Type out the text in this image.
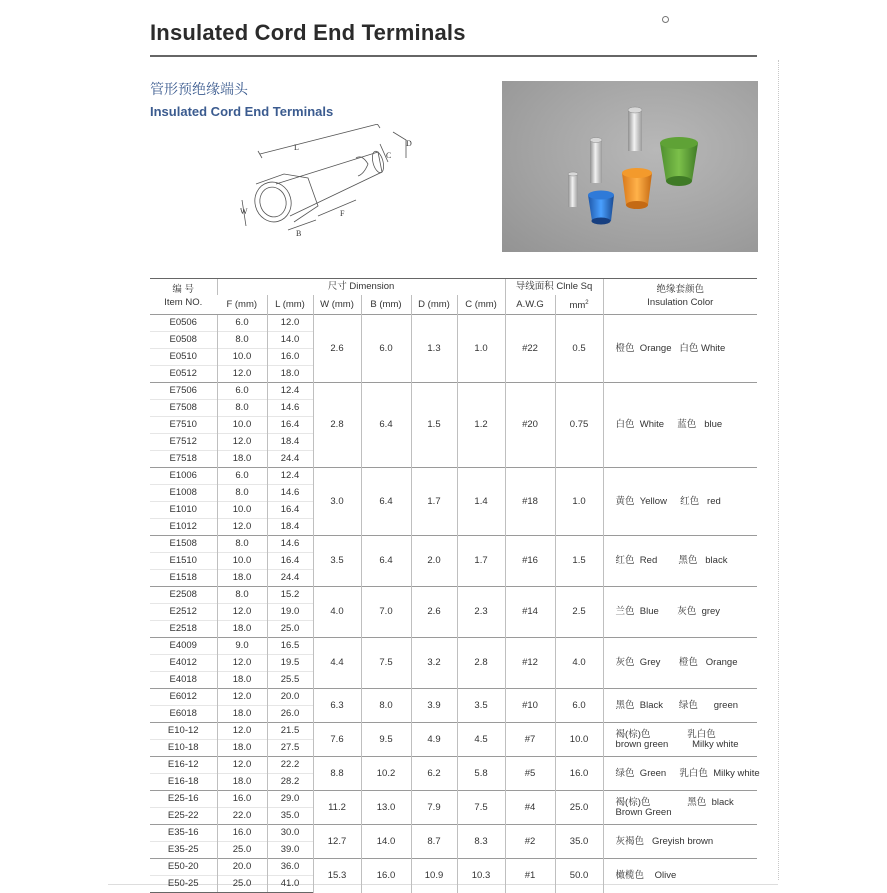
Insulated Cord End Terminals
管形预绝缘端头
Insulated Cord End Terminals
L
C
D
W
B
F
编 号
Item NO.	尺寸 Dimension						导线面积 Clnle Sq		绝缘套颜色
Insulation Color

	F (mm)	L (mm)	W (mm)	B (mm)	D (mm)	C (mm)	A.W.G	$mm^2$
E0506	6.0	12.0	2.6	6.0	1.3	1.0	#22	0.5	橙色  Orange   白色 White

E0508	8.0	14.0							
E0510	10.0	16.0							
E0512	12.0	18.0							
E7506	6.0	12.4	2.8	6.4	1.5	1.2	#20	0.75	白色  White     蓝色   blue

E7508	8.0	14.6							
E7510	10.0	16.4							
E7512	12.0	18.4							
E7518	18.0	24.4							
E1006	6.0	12.4	3.0	6.4	1.7	1.4	#18	1.0	黄色  Yellow     红色   red

E1008	8.0	14.6							
E1010	10.0	16.4							
E1012	12.0	18.4							
E1508	8.0	14.6	3.5	6.4	2.0	1.7	#16	1.5	红色  Red        黑色   black

E1510	10.0	16.4							
E1518	18.0	24.4							
E2508	8.0	15.2	4.0	7.0	2.6	2.3	#14	2.5	兰色  Blue       灰色  grey

E2512	12.0	19.0							
E2518	18.0	25.0							
E4009	9.0	16.5	4.4	7.5	3.2	2.8	#12	4.0	灰色  Grey       橙色   Orange

E4012	12.0	19.5							
E4018	18.0	25.5							
E6012	12.0	20.0	6.3	8.0	3.9	3.5	#10	6.0	黑色  Black      绿色      green

E6018	18.0	26.0							
E10-12	12.0	21.5	7.6	9.5	4.9	4.5	#7	10.0	褐(棕)色              乳白色
brown green         Milky white

E10-18	18.0	27.5							
E16-12	12.0	22.2	8.8	10.2	6.2	5.8	#5	16.0	绿色  Green     乳白色  Milky white

E16-18	18.0	28.2							
E25-16	16.0	29.0	11.2	13.0	7.9	7.5	#4	25.0	褐(棕)色              黑色  black
Brown Green

E25-22	22.0	35.0							
E35-16	16.0	30.0	12.7	14.0	8.7	8.3	#2	35.0	灰褐色   Greyish brown

E35-25	25.0	39.0							
E50-20	20.0	36.0	15.3	16.0	10.9	10.3	#1	50.0	橄榄色    Olive

E50-25	25.0	41.0							
